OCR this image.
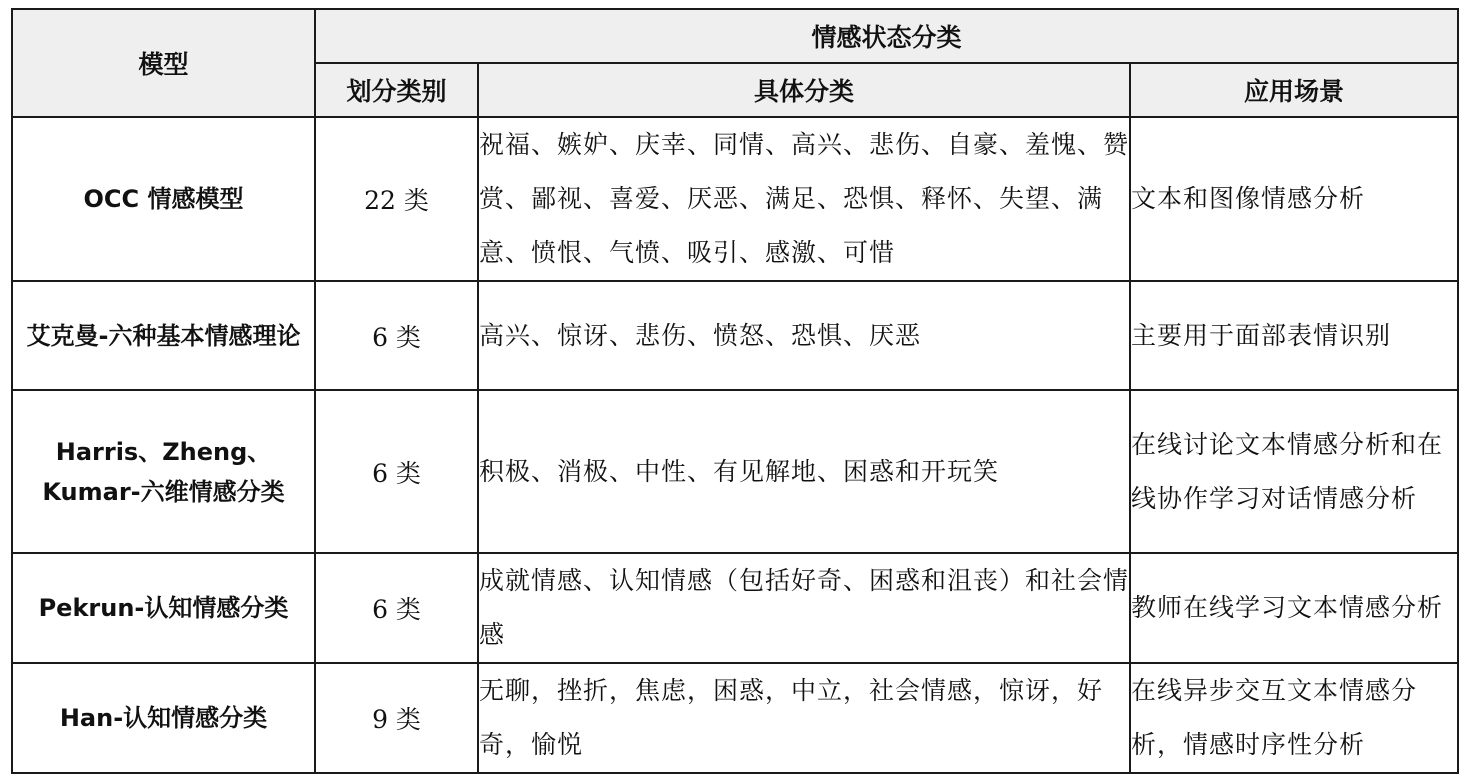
模型	情感状态分类		
	划分类别	具体分类	应用场景
OCC 情感模型	22 类	祝福、嫉妒、庆幸、同情、高兴、悲伤、自豪、羞愧、赞赏、鄙视、喜爱、厌恶、满足、恐惧、释怀、失望、满意、愤恨、气愤、吸引、感激、可惜	文本和图像情感分析
艾克曼-六种基本情感理论	6 类	高兴、惊讶、悲伤、愤怒、恐惧、厌恶	主要用于面部表情识别
Harris、Zheng、Kumar-六维情感分类	6 类	积极、消极、中性、有见解地、困惑和开玩笑	在线讨论文本情感分析和在线协作学习对话情感分析
Pekrun-认知情感分类	6 类	成就情感、认知情感（包括好奇、困惑和沮丧）和社会情感	教师在线学习文本情感分析
Han-认知情感分类	9 类	无聊，挫折，焦虑，困惑，中立，社会情感，惊讶，好奇，愉悦	在线异步交互文本情感分析，情感时序性分析
